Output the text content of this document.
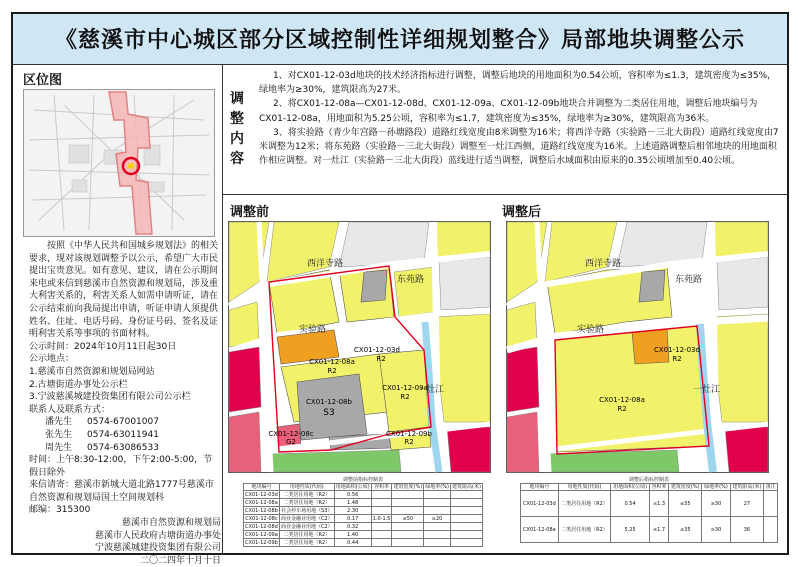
《慈溪市中心城区部分区域控制性详细规划整合》局部地块调整公示
区位图
按照《中华人民共和国城乡规划法》的相关要求，现对该规划调整予以公示，希望广大市民提出宝贵意见。如有意见、建议，请在公示期间来电或来信到慈溪市自然资源和规划局，涉及重大利害关系的，利害关系人如需申请听证，请在公示结束前向我局提出申请，听证申请人须提供姓名、住址、电话号码、身份证号码、签名及证明利害关系等事项的书面材料。
公示时间：2024年10月11日起30日
公示地点：
1.慈溪市自然资源和规划局网站
2.古塘街道办事处公示栏
3.宁波慈溪城建投资集团有限公司公示栏
联系人及联系方式：
潘先生 0574-67001007
张先生 0574-63011941
周先生 0574-63086533
时间：上午8:30-12:00，下午2:00-5:00，节假日除外
来信请寄：慈溪市新城大道北路1777号慈溪市自然资源和规划局国土空间规划科
邮编：315300
慈溪市自然资源和规划局
慈溪市人民政府古塘街道办事处
宁波慈溪城建投资集团有限公司
二〇二四年十月十日
调整内容

1、对CX01-12-03d地块的技术经济指标进行调整，调整后地块的用地面积为0.54公顷，容积率为≤1.3，建筑密度为≤35%，绿地率为≥30%，建筑限高为27米。

2、将CX01-12-08a—CX01-12-08d、CX01-12-09a、CX01-12-09b地块合并调整为二类居住用地，调整后地块编号为CX01-12-08a，用地面积为5.25公顷，容积率为≤1.7，建筑密度为≤35%，绿地率为≥30%，建筑限高为36米。

3、将实验路（青少年宫路－孙塘路段）道路红线宽度由8米调整为16米；将西洋寺路（实验路－三北大街段）道路红线宽度由7米调整为12米；将东苑路（实验路－三北大街段）调整至一灶江西侧，道路红线宽度为16米。上述道路调整后相邻地块的用地面积作相应调整。对一灶江（实验路－三北大街段）蓝线进行适当调整，调整后水域面积由原来的0.35公顷增加至0.40公顷。

调整前	调整后
西洋寺路
东苑路
实验路
一灶江
CX01-12-03d
R2
CX01-12-08a
R2
CX01-12-09a
R2
CX01-12-08b
S3
CX01-12-08c
G2
CX01-12-09b
R2
西洋寺路
东苑路
实验路
一灶江
CX01-12-03d
R2
CX01-12-08a
R2
调整前指标控制表
地块编号	用地性质(代码)	用地面积(公顷)	容积率	建筑密度(%)	绿地率(%)	建筑限高(米)
CX01-12-03d	二类居住用地（R2）	0.56				
CX01-12-08a	二类居住用地（R2）	1.48				
CX01-12-08b	社会停车场用地（S3）	2.30				
CX01-12-08c	商业金融业用地（C2）	0.17	1.0-1.5	≤50	≥20	
CX01-12-08d	商业金融业用地（C2）	0.32				
CX01-12-09a	二类居住用地（R2）	1.40				
CX01-12-09b	二类居住用地（R2）	0.44				
调整后指标控制表
地块编号	用地性质(代码)	用地面积(公顷)	容积率	建筑密度(%)	绿地率(%)	建筑限高(米)	备注
CX01-12-03d	二类居住用地（R2）	0.54	≤1.3	≤35	≥30	27	
CX01-12-08a	二类居住用地（R2）	5.25	≤1.7	≤35	≥30	36	
